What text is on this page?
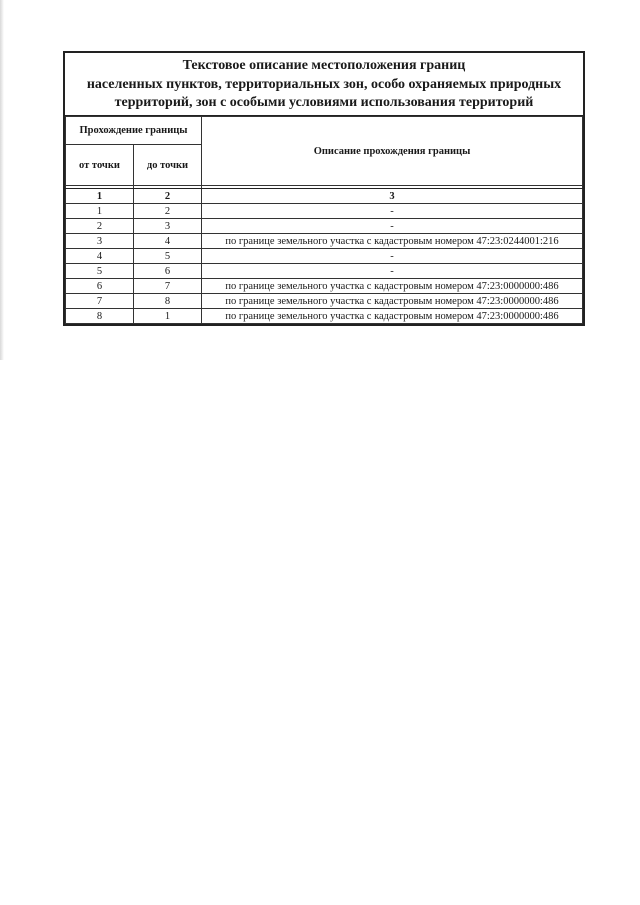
Текстовое описание местоположения границ
населенных пунктов, территориальных зон, особо охраняемых природных
территорий, зон с особыми условиями использования территорий
Прохождение границы		Описание прохождения границы
от точки	до точки	

1	2	3
1	2	-
2	3	-
3	4	по границе земельного участка с кадастровым номером 47:23:0244001:216
4	5	-
5	6	-
6	7	по границе земельного участка с кадастровым номером 47:23:0000000:486
7	8	по границе земельного участка с кадастровым номером 47:23:0000000:486
8	1	по границе земельного участка с кадастровым номером 47:23:0000000:486
